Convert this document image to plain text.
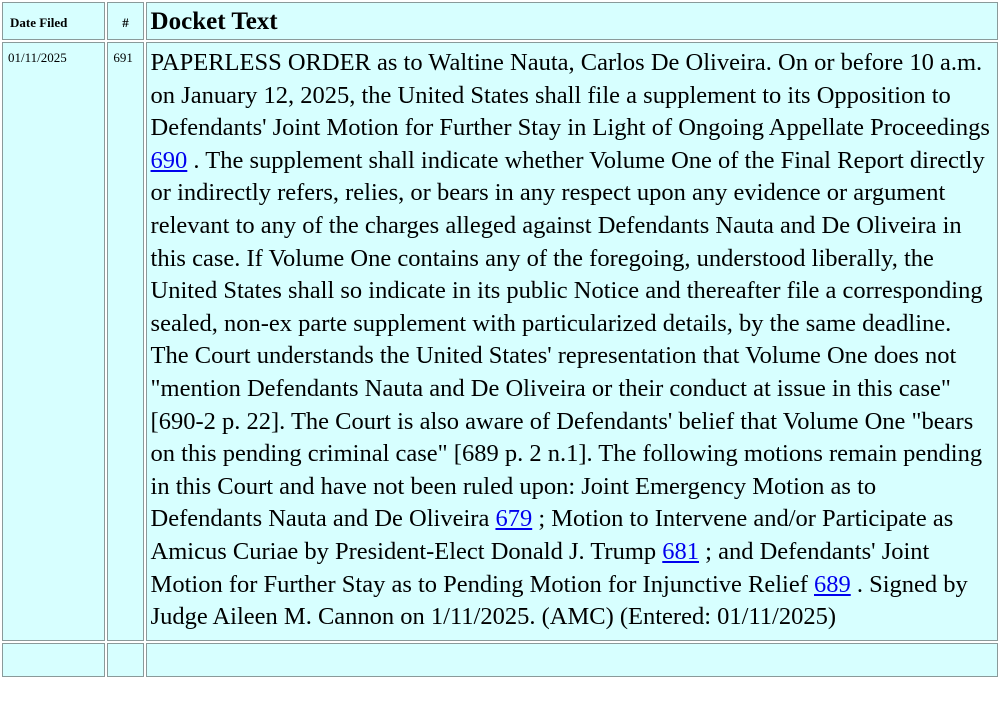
Date Filed	#	Docket Text
01/11/2025	691	PAPERLESS ORDER as to Waltine Nauta, Carlos De Oliveira. On or before 10 a.m. on January 12, 2025, the United States shall file a supplement to its Opposition to Defendants' Joint Motion for Further Stay in Light of Ongoing Appellate Proceedings 690 . The supplement shall indicate whether Volume One of the Final Report directly or indirectly refers, relies, or bears in any respect upon any evidence or argument relevant to any of the charges alleged against Defendants Nauta and De Oliveira in this case. If Volume One contains any of the foregoing, understood liberally, the United States shall so indicate in its public Notice and thereafter file a corresponding sealed, non-ex parte supplement with particularized details, by the same deadline. The Court understands the United States' representation that Volume One does not "mention Defendants Nauta and De Oliveira or their conduct at issue in this case" [690-2 p. 22]. The Court is also aware of Defendants' belief that Volume One "bears on this pending criminal case" [689 p. 2 n.1]. The following motions remain pending in this Court and have not been ruled upon: Joint Emergency Motion as to Defendants Nauta and De Oliveira 679 ; Motion to Intervene and/or Participate as Amicus Curiae by President-Elect Donald J. Trump 681 ; and Defendants' Joint Motion for Further Stay as to Pending Motion for Injunctive Relief 689 . Signed by Judge Aileen M. Cannon on 1/11/2025. (AMC) (Entered: 01/11/2025)
